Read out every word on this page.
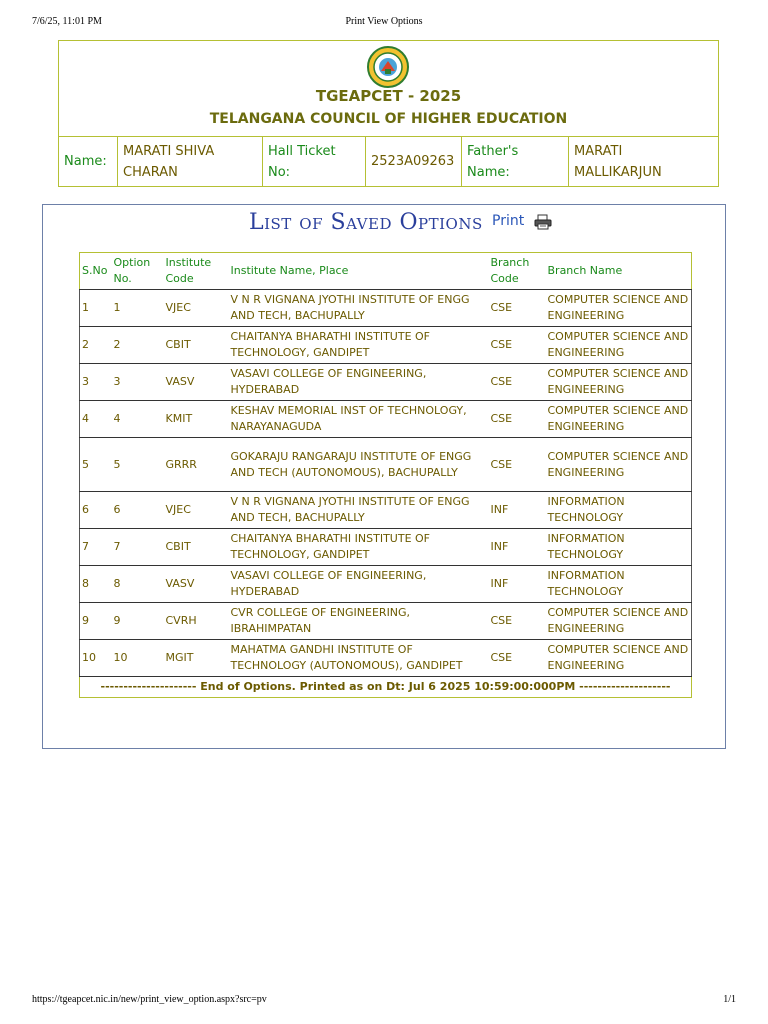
7/6/25, 11:01 PM	Print View Options
TGEAPCET - 2025
TELANGANA COUNCIL OF HIGHER EDUCATION
Name:
MARATI SHIVA CHARAN
Hall Ticket No:
2523A09263
Father's Name:
MARATI MALLIKARJUN
List of Saved Options Print
S.No	Option No.	Institute Code	Institute Name, Place	Branch Code	Branch Name
1	1	VJEC	V N R VIGNANA JYOTHI INSTITUTE OF ENGG AND TECH, BACHUPALLY	CSE	COMPUTER SCIENCE AND ENGINEERING
2	2	CBIT	CHAITANYA BHARATHI INSTITUTE OF TECHNOLOGY, GANDIPET	CSE	COMPUTER SCIENCE AND ENGINEERING
3	3	VASV	VASAVI COLLEGE OF ENGINEERING, HYDERABAD	CSE	COMPUTER SCIENCE AND ENGINEERING
4	4	KMIT	KESHAV MEMORIAL INST OF TECHNOLOGY, NARAYANAGUDA	CSE	COMPUTER SCIENCE AND ENGINEERING
5	5	GRRR	GOKARAJU RANGARAJU INSTITUTE OF ENGG AND TECH (AUTONOMOUS), BACHUPALLY	CSE	COMPUTER SCIENCE AND ENGINEERING
6	6	VJEC	V N R VIGNANA JYOTHI INSTITUTE OF ENGG AND TECH, BACHUPALLY	INF	INFORMATION TECHNOLOGY
7	7	CBIT	CHAITANYA BHARATHI INSTITUTE OF TECHNOLOGY, GANDIPET	INF	INFORMATION TECHNOLOGY
8	8	VASV	VASAVI COLLEGE OF ENGINEERING, HYDERABAD	INF	INFORMATION TECHNOLOGY
9	9	CVRH	CVR COLLEGE OF ENGINEERING, IBRAHIMPATAN	CSE	COMPUTER SCIENCE AND ENGINEERING
10	10	MGIT	MAHATMA GANDHI INSTITUTE OF TECHNOLOGY (AUTONOMOUS), GANDIPET	CSE	COMPUTER SCIENCE AND ENGINEERING
--------------------- End of Options. Printed as on Dt: Jul 6 2025 10:59:00:000PM --------------------					
https://tgeapcet.nic.in/new/print_view_option.aspx?src=pv	1/1
